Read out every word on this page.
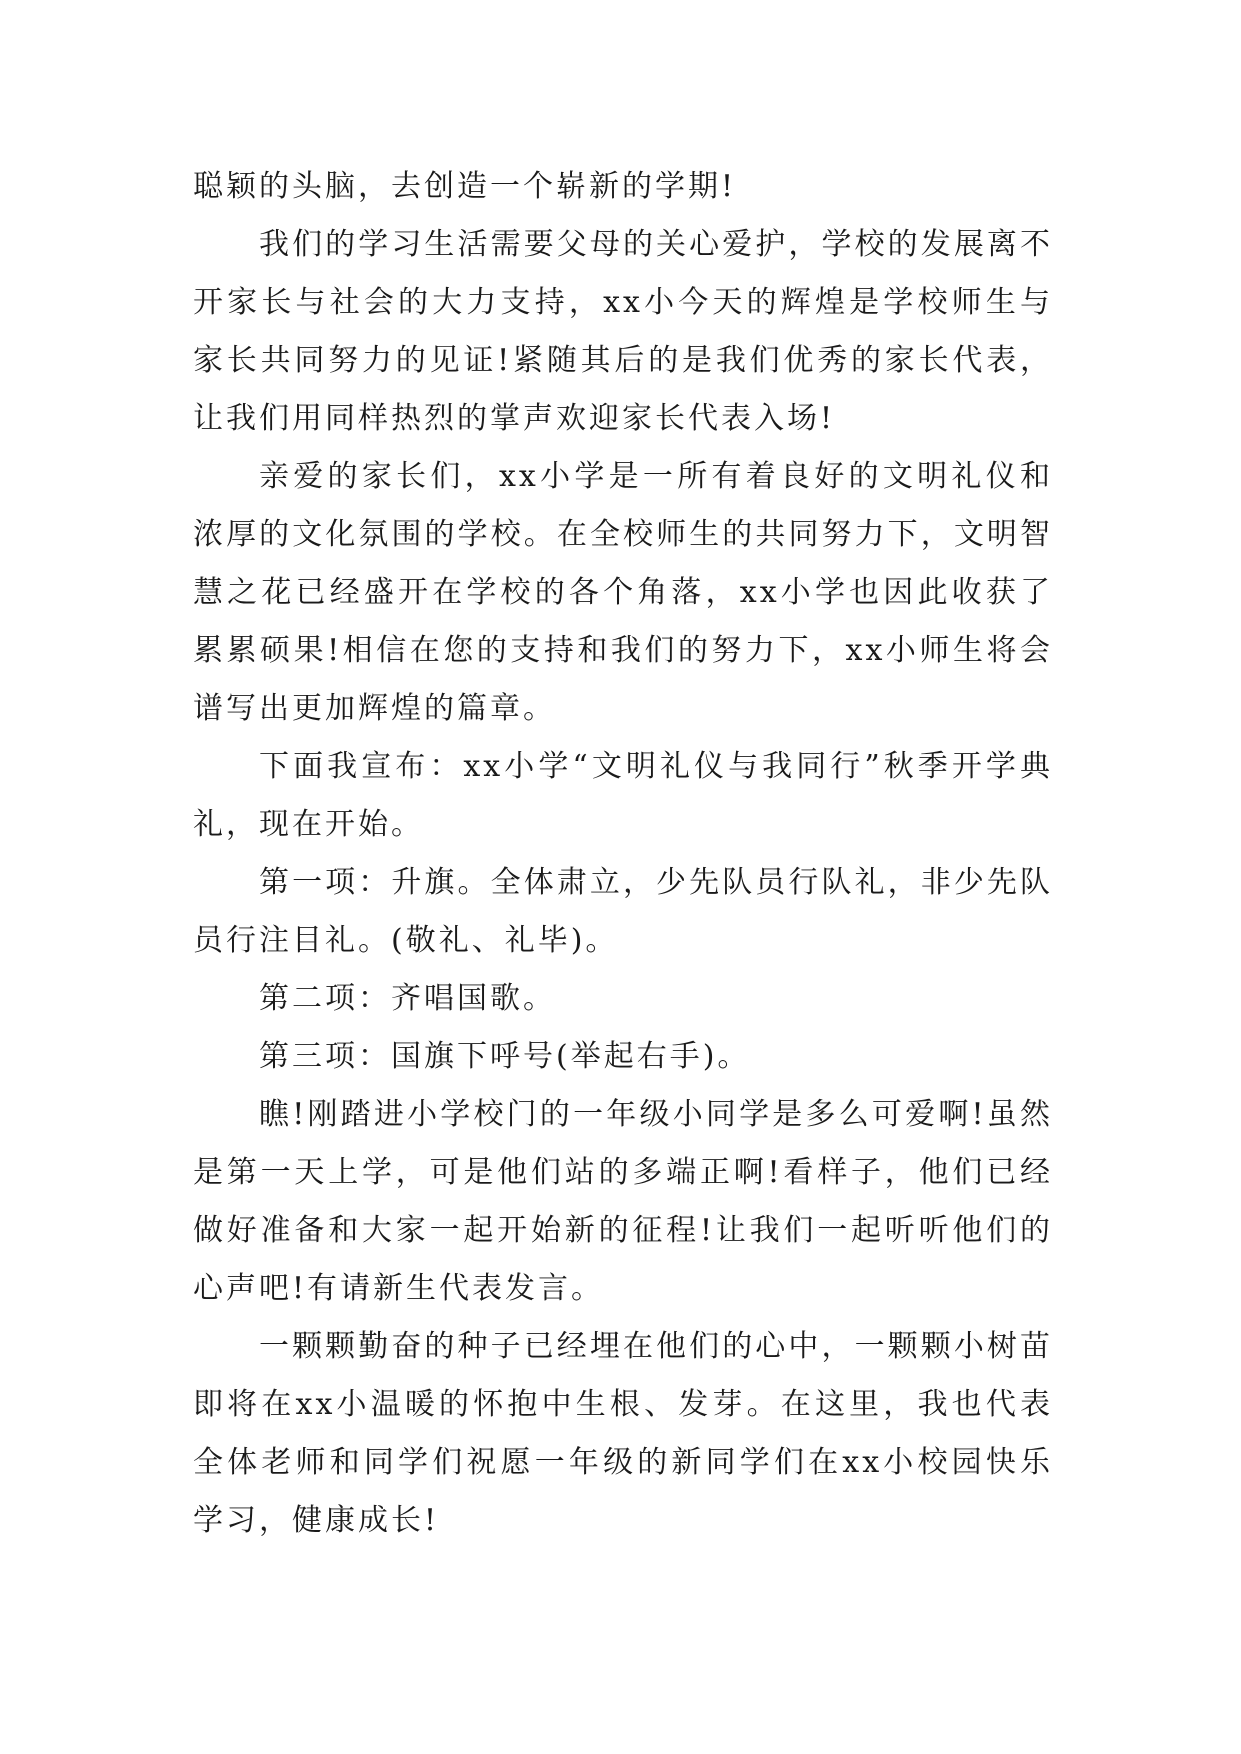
聪颖的头脑，去创造一个崭新的学期!

我们的学习生活需要父母的关心爱护，学校的发展离不开家长与社会的大力支持，xx小今天的辉煌是学校师生与家长共同努力的见证!紧随其后的是我们优秀的家长代表，让我们用同样热烈的掌声欢迎家长代表入场!

亲爱的家长们，xx小学是一所有着良好的文明礼仪和浓厚的文化氛围的学校。在全校师生的共同努力下，文明智慧之花已经盛开在学校的各个角落，xx小学也因此收获了累累硕果!相信在您的支持和我们的努力下，xx小师生将会谱写出更加辉煌的篇章。

下面我宣布：xx小学“文明礼仪与我同行”秋季开学典礼，现在开始。

第一项：升旗。全体肃立，少先队员行队礼，非少先队员行注目礼。(敬礼、礼毕)。

第二项：齐唱国歌。

第三项：国旗下呼号(举起右手)。

瞧!刚踏进小学校门的一年级小同学是多么可爱啊!虽然是第一天上学，可是他们站的多端正啊!看样子，他们已经做好准备和大家一起开始新的征程!让我们一起听听他们的心声吧!有请新生代表发言。

一颗颗勤奋的种子已经埋在他们的心中，一颗颗小树苗即将在xx小温暖的怀抱中生根、发芽。在这里，我也代表全体老师和同学们祝愿一年级的新同学们在xx小校园快乐学习，健康成长!
